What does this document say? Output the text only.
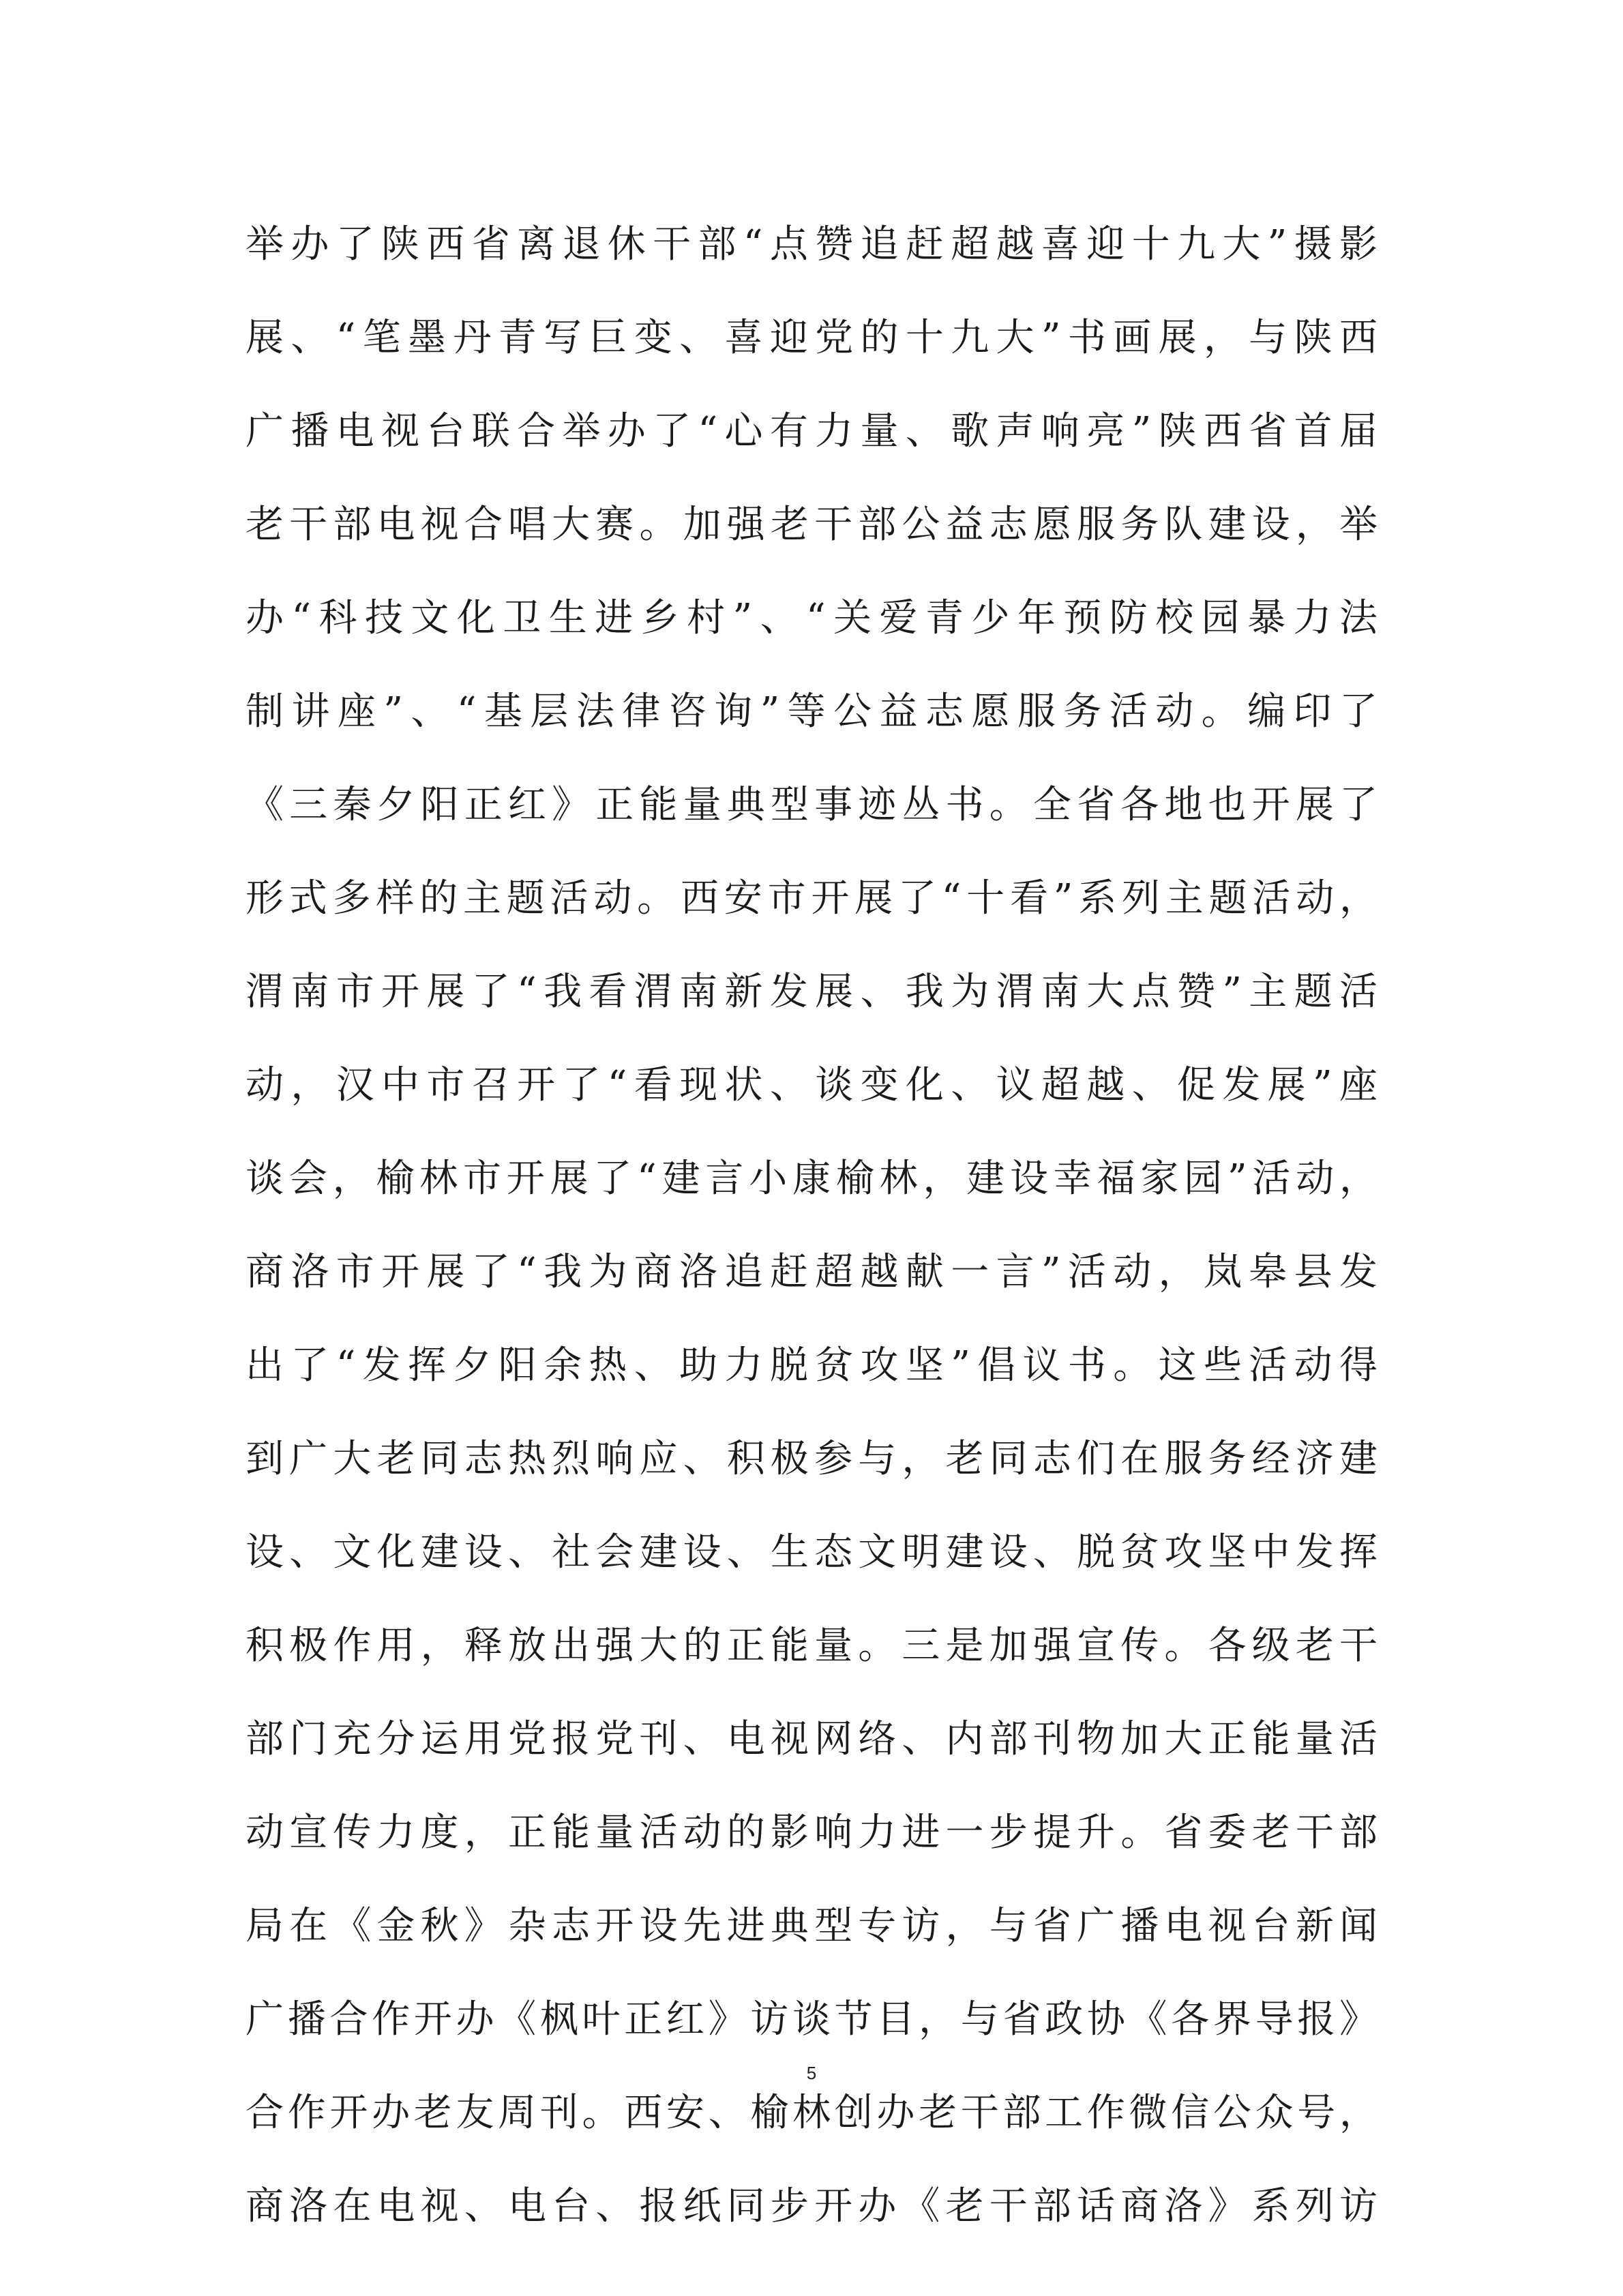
举办了陕西省离退休干部“点赞追赶超越喜迎十九大”摄影
展、“笔墨丹青写巨变、喜迎党的十九大”书画展，与陕西
广播电视台联合举办了“心有力量、歌声响亮”陕西省首届
老干部电视合唱大赛。加强老干部公益志愿服务队建设，举
办“科技文化卫生进乡村”、“关爱青少年预防校园暴力法
制讲座”、“基层法律咨询”等公益志愿服务活动。编印了
《三秦夕阳正红》正能量典型事迹丛书。全省各地也开展了
形式多样的主题活动。西安市开展了“十看”系列主题活动，
渭南市开展了“我看渭南新发展、我为渭南大点赞”主题活
动，汉中市召开了“看现状、谈变化、议超越、促发展”座
谈会，榆林市开展了“建言小康榆林，建设幸福家园”活动，
商洛市开展了“我为商洛追赶超越献一言”活动，岚皋县发
出了“发挥夕阳余热、助力脱贫攻坚”倡议书。这些活动得
到广大老同志热烈响应、积极参与，老同志们在服务经济建
设、文化建设、社会建设、生态文明建设、脱贫攻坚中发挥
积极作用，释放出强大的正能量。三是加强宣传。各级老干
部门充分运用党报党刊、电视网络、内部刊物加大正能量活
动宣传力度，正能量活动的影响力进一步提升。省委老干部
局在《金秋》杂志开设先进典型专访，与省广播电视台新闻
广播合作开办《枫叶正红》访谈节目，与省政协《各界导报》
合作开办老友周刊。西安、榆林创办老干部工作微信公众号，
商洛在电视、电台、报纸同步开办《老干部话商洛》系列访
5
